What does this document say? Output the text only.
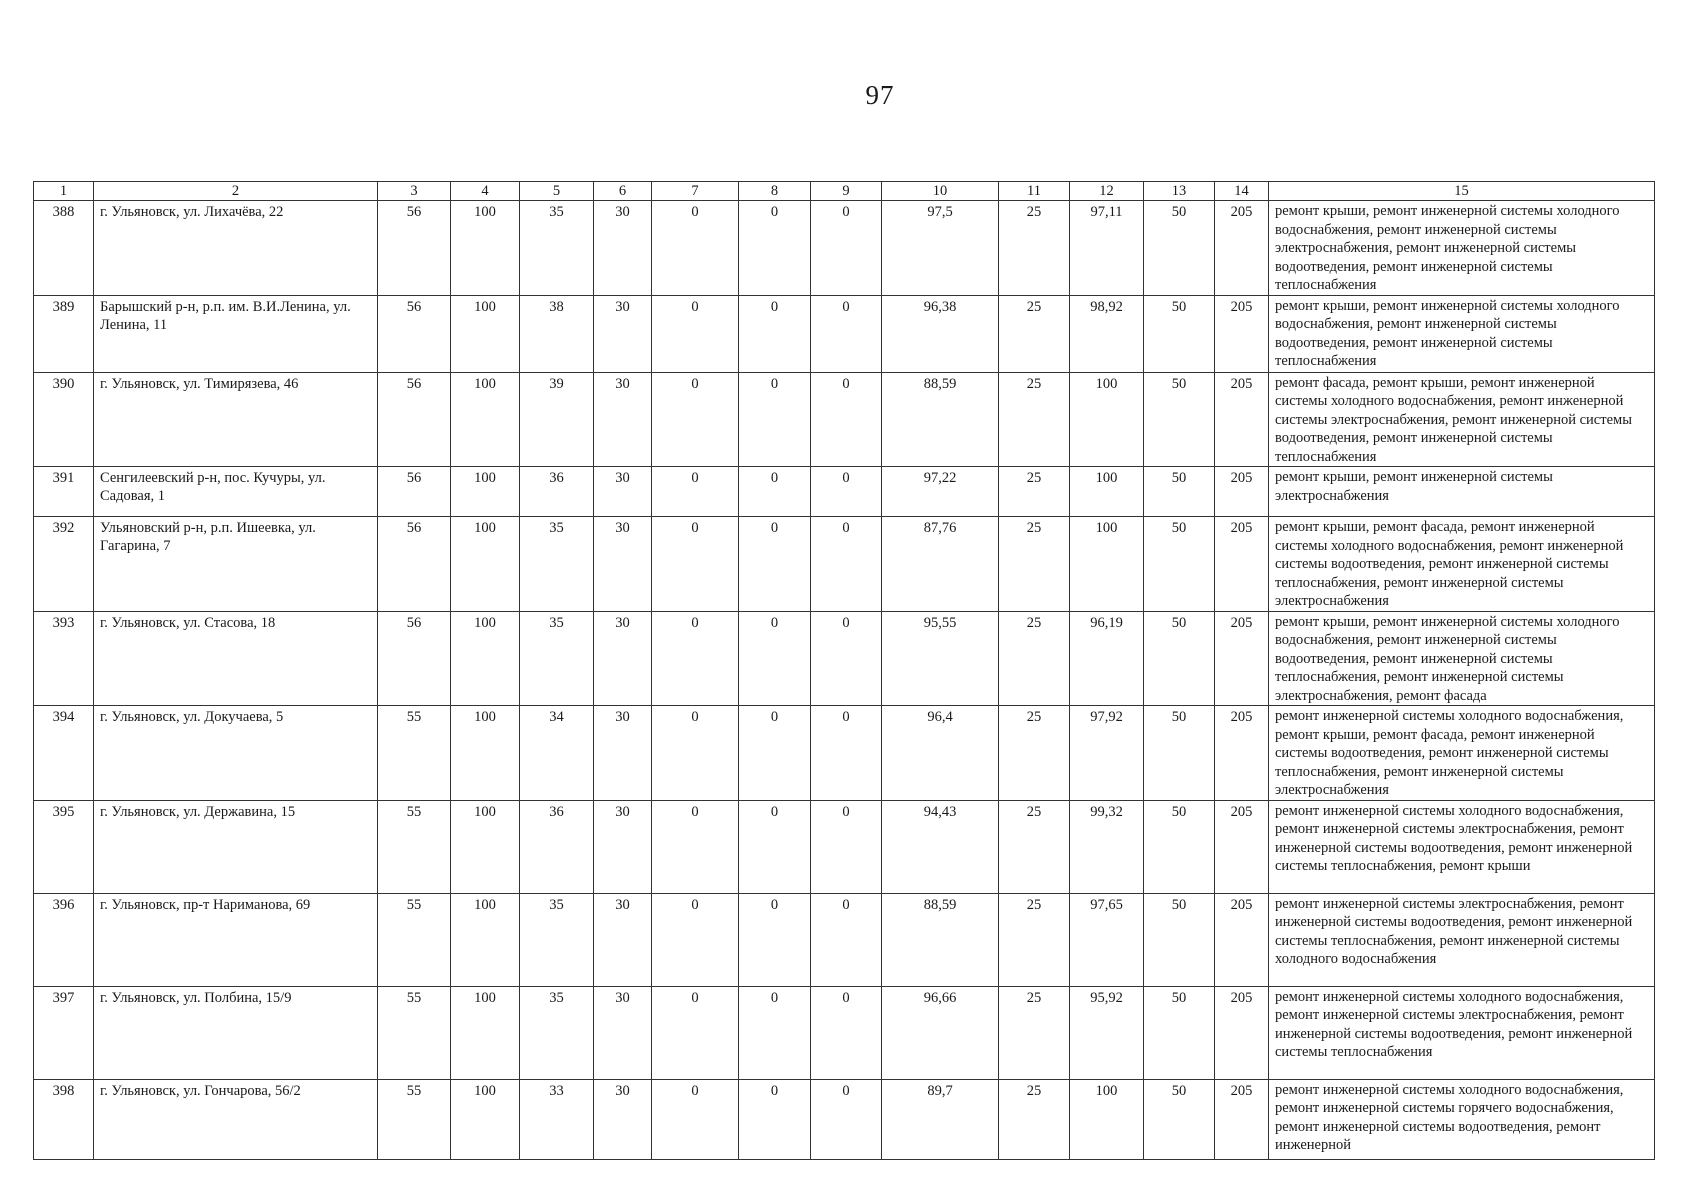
97
1	2	3	4	5	6	7	8	9	10	11	12	13	14	15
388	г. Ульяновск, ул. Лихачёва, 22	56	100	35	30	0	0	0	97,5	25	97,11	50	205	ремонт крыши, ремонт инженерной системы холодного водоснабжения, ремонт инженерной системы электроснабжения, ремонт инженерной системы водоотведения, ремонт инженерной системы теплоснабжения
389	Барышский р-н, р.п. им. В.И.Ленина, ул. Ленина, 11	56	100	38	30	0	0	0	96,38	25	98,92	50	205	ремонт крыши, ремонт инженерной системы холодного водоснабжения, ремонт инженерной системы водоотведения, ремонт инженерной системы теплоснабжения
390	г. Ульяновск, ул. Тимирязева, 46	56	100	39	30	0	0	0	88,59	25	100	50	205	ремонт фасада, ремонт крыши, ремонт инженерной системы холодного водоснабжения, ремонт инженерной системы электроснабжения, ремонт инженерной системы водоотведения, ремонт инженерной системы теплоснабжения
391	Сенгилеевский р-н, пос. Кучуры, ул. Садовая, 1	56	100	36	30	0	0	0	97,22	25	100	50	205	ремонт крыши, ремонт инженерной системы электроснабжения
392	Ульяновский р-н, р.п. Ишеевка, ул. Гагарина, 7	56	100	35	30	0	0	0	87,76	25	100	50	205	ремонт крыши, ремонт фасада, ремонт инженерной системы холодного водоснабжения, ремонт инженерной системы водоотведения, ремонт инженерной системы теплоснабжения, ремонт инженерной системы электроснабжения
393	г. Ульяновск, ул. Стасова, 18	56	100	35	30	0	0	0	95,55	25	96,19	50	205	ремонт крыши, ремонт инженерной системы холодного водоснабжения, ремонт инженерной системы водоотведения, ремонт инженерной системы теплоснабжения, ремонт инженерной системы электроснабжения, ремонт фасада
394	г. Ульяновск, ул. Докучаева, 5	55	100	34	30	0	0	0	96,4	25	97,92	50	205	ремонт инженерной системы холодного водоснабжения, ремонт крыши, ремонт фасада, ремонт инженерной системы водоотведения, ремонт инженерной системы теплоснабжения, ремонт инженерной системы электроснабжения
395	г. Ульяновск, ул. Державина, 15	55	100	36	30	0	0	0	94,43	25	99,32	50	205	ремонт инженерной системы холодного водоснабжения, ремонт инженерной системы электроснабжения, ремонт инженерной системы водоотведения, ремонт инженерной системы теплоснабжения, ремонт крыши
396	г. Ульяновск, пр-т Нариманова, 69	55	100	35	30	0	0	0	88,59	25	97,65	50	205	ремонт инженерной системы электроснабжения, ремонт инженерной системы водоотведения, ремонт инженерной системы теплоснабжения, ремонт инженерной системы холодного водоснабжения
397	г. Ульяновск, ул. Полбина, 15/9	55	100	35	30	0	0	0	96,66	25	95,92	50	205	ремонт инженерной системы холодного водоснабжения, ремонт инженерной системы электроснабжения, ремонт инженерной системы водоотведения, ремонт инженерной системы теплоснабжения
398	г. Ульяновск, ул. Гончарова, 56/2	55	100	33	30	0	0	0	89,7	25	100	50	205	ремонт инженерной системы холодного водоснабжения, ремонт инженерной системы горячего водоснабжения, ремонт инженерной системы водоотведения, ремонт инженерной
